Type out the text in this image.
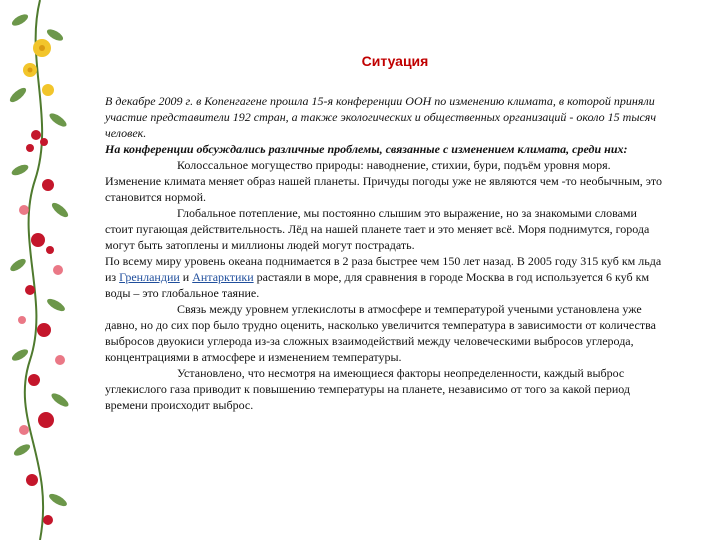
Ситуация

В декабре 2009 г. в Копенгагене прошла 15-я конференции ООН по изменению климата, в которой приняли участие представители 192 стран, а также экологических и общественных организаций - около 15 тысяч человек.

На конференции обсуждались различные проблемы, связанные с изменением климата, среди них:

Колоссальное могущество природы: наводнение, стихии, бури, подъём уровня моря. Изменение климата меняет образ нашей планеты. Причуды погоды уже не являются чем -то необычным, это становится нормой.

Глобальное потепление, мы постоянно слышим это выражение, но за знакомыми словами стоит пугающая действительность. Лёд на нашей планете тает и это меняет всё. Моря поднимутся, города могут быть затоплены и миллионы людей могут пострадать.

По всему миру уровень океана поднимается в 2 раза быстрее чем 150 лет назад. В 2005 году 315 куб км льда из Гренландии и Антарктики растаяли в море, для сравнения в городе Москва в год используется 6 куб км воды – это глобальное таяние.

Связь между уровнем углекислоты в атмосфере и температурой учеными установлена уже давно, но до сих пор было трудно оценить, насколько увеличится температура в зависимости от количества выбросов двуокиси углерода из-за сложных взаимодействий между человеческими выбросов углерода, концентрациями в атмосфере и изменением температуры.

Установлено, что несмотря на имеющиеся факторы неопределенности, каждый выброс углекислого газа приводит к повышению температуры на планете, независимо от того за какой период времени происходит выброс.
